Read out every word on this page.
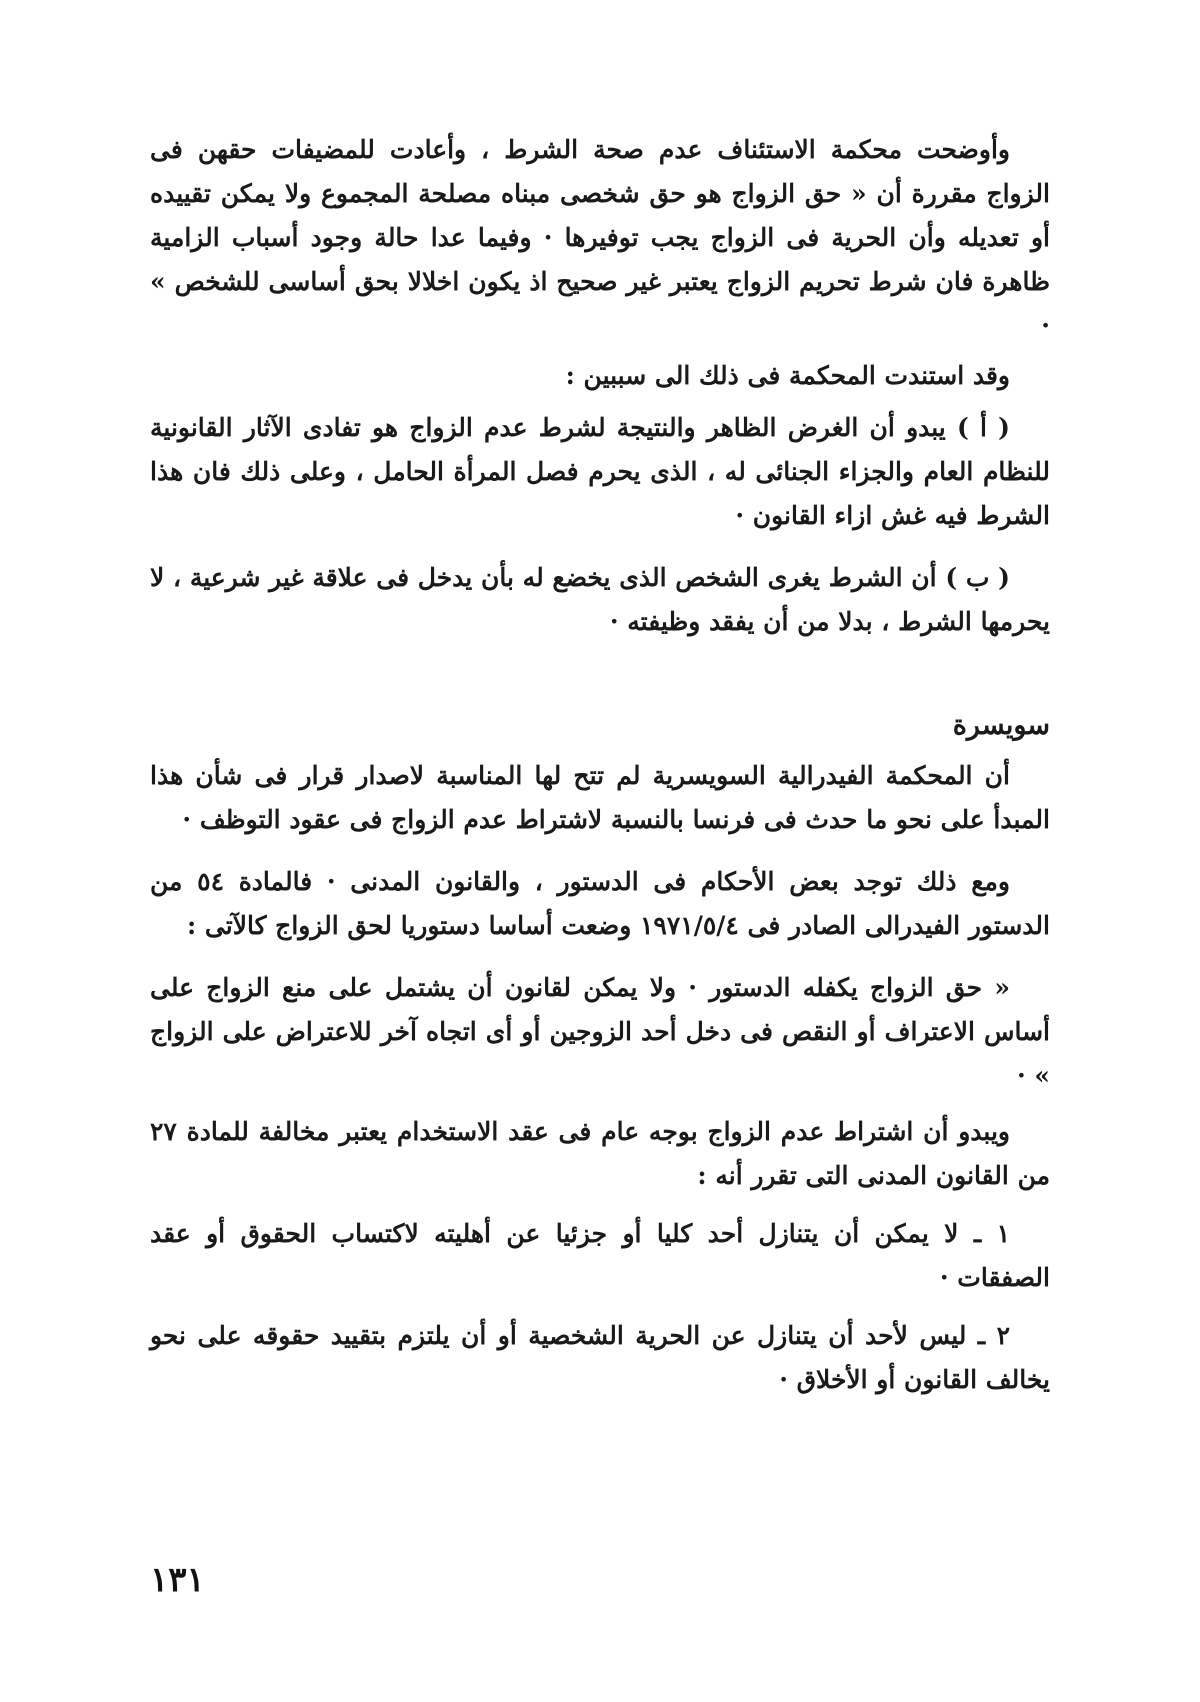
وأوضحت محكمة الاستئناف عدم صحة الشرط ، وأعادت للمضيفات حقهن فى الزواج مقررة أن « حق الزواج هو حق شخصى مبناه مصلحة المجموع ولا يمكن تقييده أو تعديله وأن الحرية فى الزواج يجب توفيرها · وفيما عدا حالة وجود أسباب الزامية ظاهرة فان شرط تحريم الزواج يعتبر غير صحيح اذ يكون اخلالا بحق أساسى للشخص » ·

وقد استندت المحكمة فى ذلك الى سببين :

( أ ) يبدو أن الغرض الظاهر والنتيجة لشرط عدم الزواج هو تفادى الآثار القانونية للنظام العام والجزاء الجنائى له ، الذى يحرم فصل المرأة الحامل ، وعلى ذلك فان هذا الشرط فيه غش ازاء القانون ·

( ب ) أن الشرط يغرى الشخص الذى يخضع له بأن يدخل فى علاقة غير شرعية ، لا يحرمها الشرط ، بدلا من أن يفقد وظيفته ·

سويسرة

أن المحكمة الفيدرالية السويسرية لم تتح لها المناسبة لاصدار قرار فى شأن هذا المبدأ على نحو ما حدث فى فرنسا بالنسبة لاشتراط عدم الزواج فى عقود التوظف ·

ومع ذلك توجد بعض الأحكام فى الدستور ، والقانون المدنى · فالمادة ٥٤ من الدستور الفيدرالى الصادر فى ١٩٧١/٥/٤ وضعت أساسا دستوريا لحق الزواج كالآتى :

« حق الزواج يكفله الدستور · ولا يمكن لقانون أن يشتمل على منع الزواج على أساس الاعتراف أو النقص فى دخل أحد الزوجين أو أى اتجاه آخر للاعتراض على الزواج » ·

ويبدو أن اشتراط عدم الزواج بوجه عام فى عقد الاستخدام يعتبر مخالفة للمادة ٢٧ من القانون المدنى التى تقرر أنه :

١ ـ لا يمكن أن يتنازل أحد كليا أو جزئيا عن أهليته لاكتساب الحقوق أو عقد الصفقات ·

٢ ـ ليس لأحد أن يتنازل عن الحرية الشخصية أو أن يلتزم بتقييد حقوقه على نحو يخالف القانون أو الأخلاق ·

١٣١
